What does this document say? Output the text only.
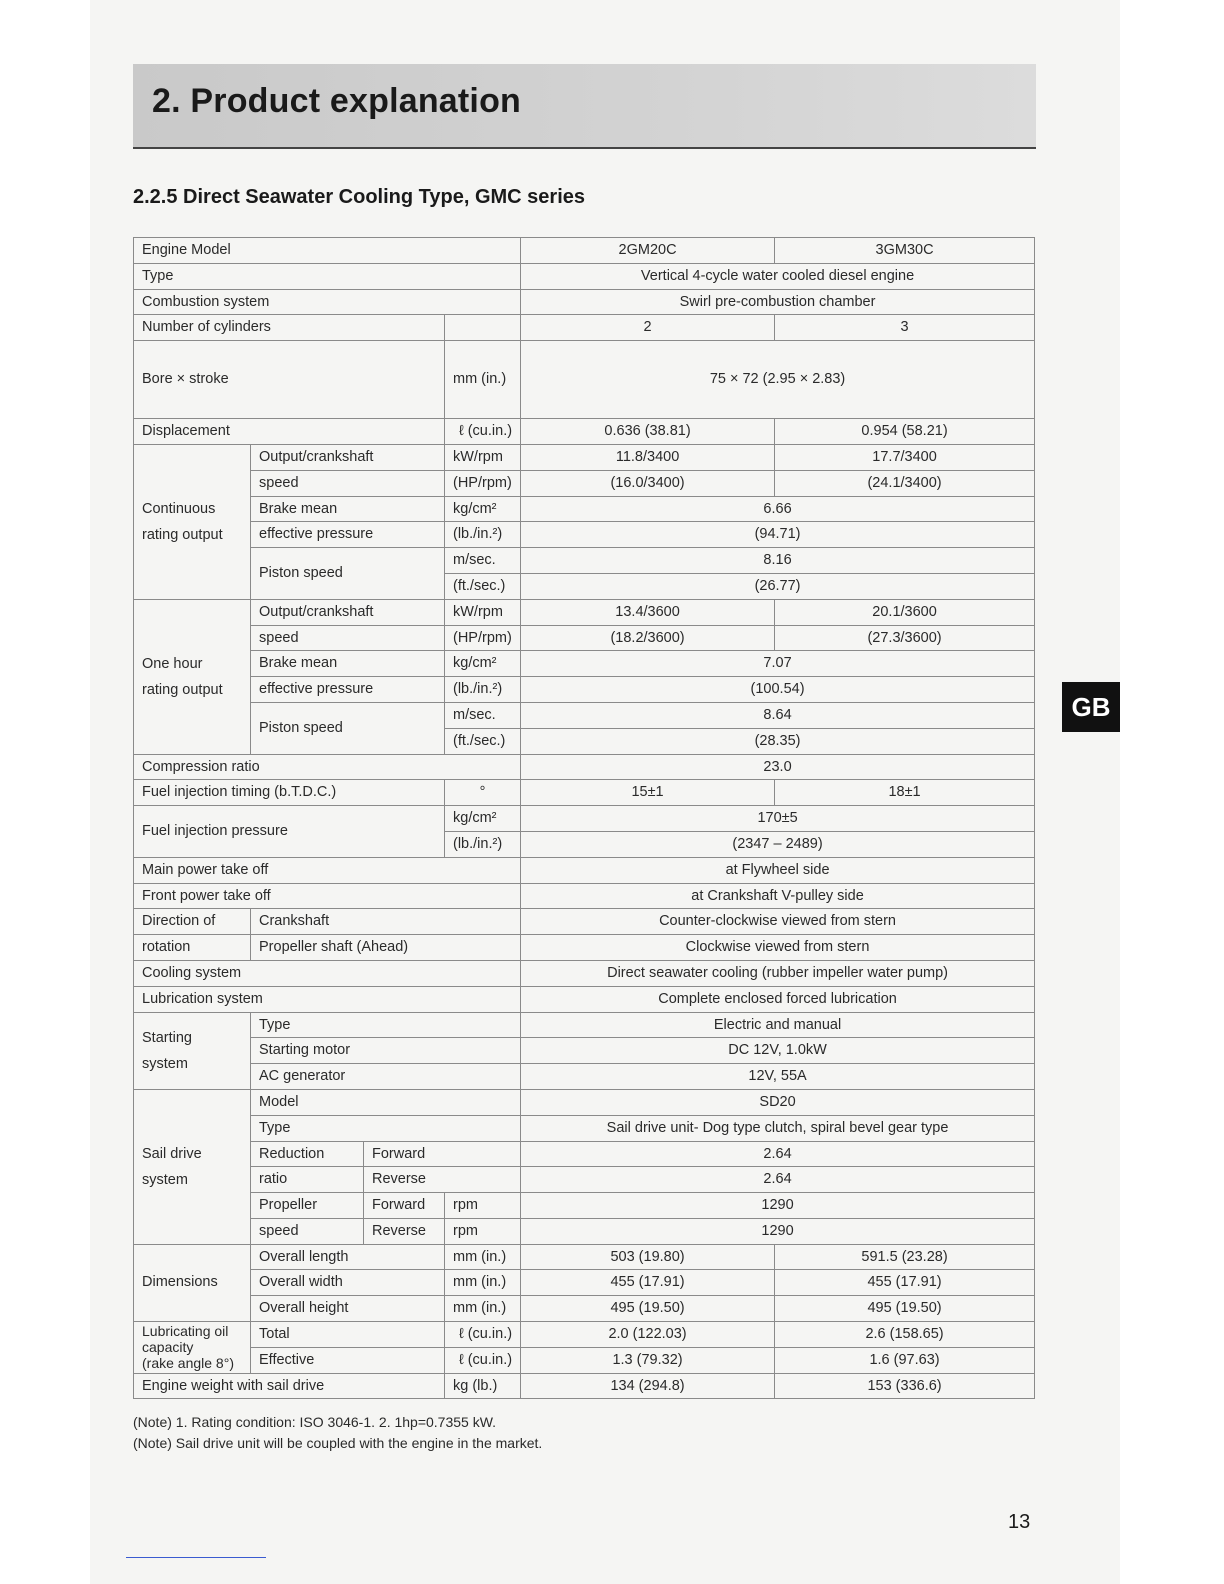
2. Product explanation
2.2.5 Direct Seawater Cooling Type, GMC series
GB
Engine Model				2GM20C	3GM30C
Type				Vertical 4-cycle water cooled diesel engine	
Combustion system				Swirl pre-combustion chamber	
Number of cylinders				2	3
Bore × stroke			mm (in.)	75 × 72 (2.95 × 2.83)	
Displacement			ℓ (cu.in.)	0.636 (38.81)	0.954 (58.21)

Continuous
rating output	Output/crankshaft		kW/rpm	11.8/3400	17.7/3400
	speed		(HP/rpm)	(16.0/3400)	(24.1/3400)
	Brake mean		kg/cm²	6.66	
	effective pressure		(lb./in.²)	(94.71)	
	Piston speed		m/sec.	8.16	
			(ft./sec.)	(26.77)	

One hour
rating output	Output/crankshaft		kW/rpm	13.4/3600	20.1/3600
	speed		(HP/rpm)	(18.2/3600)	(27.3/3600)
	Brake mean		kg/cm²	7.07	
	effective pressure		(lb./in.²)	(100.54)	
	Piston speed		m/sec.	8.64	
			(ft./sec.)	(28.35)	
Compression ratio				23.0	
Fuel injection timing (b.T.D.C.)			°	15±1	18±1
Fuel injection pressure			kg/cm²	170±5	
			(lb./in.²)	(2347 – 2489)	
Main power take off				at Flywheel side	
Front power take off				at Crankshaft V-pulley side	
Direction of	Crankshaft			Counter-clockwise viewed from stern	
rotation	Propeller shaft (Ahead)			Clockwise viewed from stern	
Cooling system				Direct seawater cooling (rubber impeller water pump)	
Lubrication system				Complete enclosed forced lubrication	

Starting
system	Type			Electric and manual	
	Starting motor			DC 12V, 1.0kW	
	AC generator			12V, 55A	

Sail drive
system	Model			SD20	
	Type			Sail drive unit- Dog type clutch, spiral bevel gear type	
	Reduction	Forward		2.64	
	ratio	Reverse		2.64	
	Propeller	Forward	rpm	1290	
	speed	Reverse	rpm	1290	
Dimensions	Overall length		mm (in.)	503 (19.80)	591.5 (23.28)
	Overall width		mm (in.)	455 (17.91)	455 (17.91)
	Overall height		mm (in.)	495 (19.50)	495 (19.50)

Lubricating oil
capacity
(rake angle 8°)	Total		ℓ (cu.in.)	2.0 (122.03)	2.6 (158.65)
	Effective		ℓ (cu.in.)	1.3 (79.32)	1.6 (97.63)
Engine weight with sail drive			kg (lb.)	134 (294.8)	153 (336.6)
(Note) 1. Rating condition: ISO 3046-1. 2. 1hp=0.7355 kW.
(Note) Sail drive unit will be coupled with the engine in the market.
13
